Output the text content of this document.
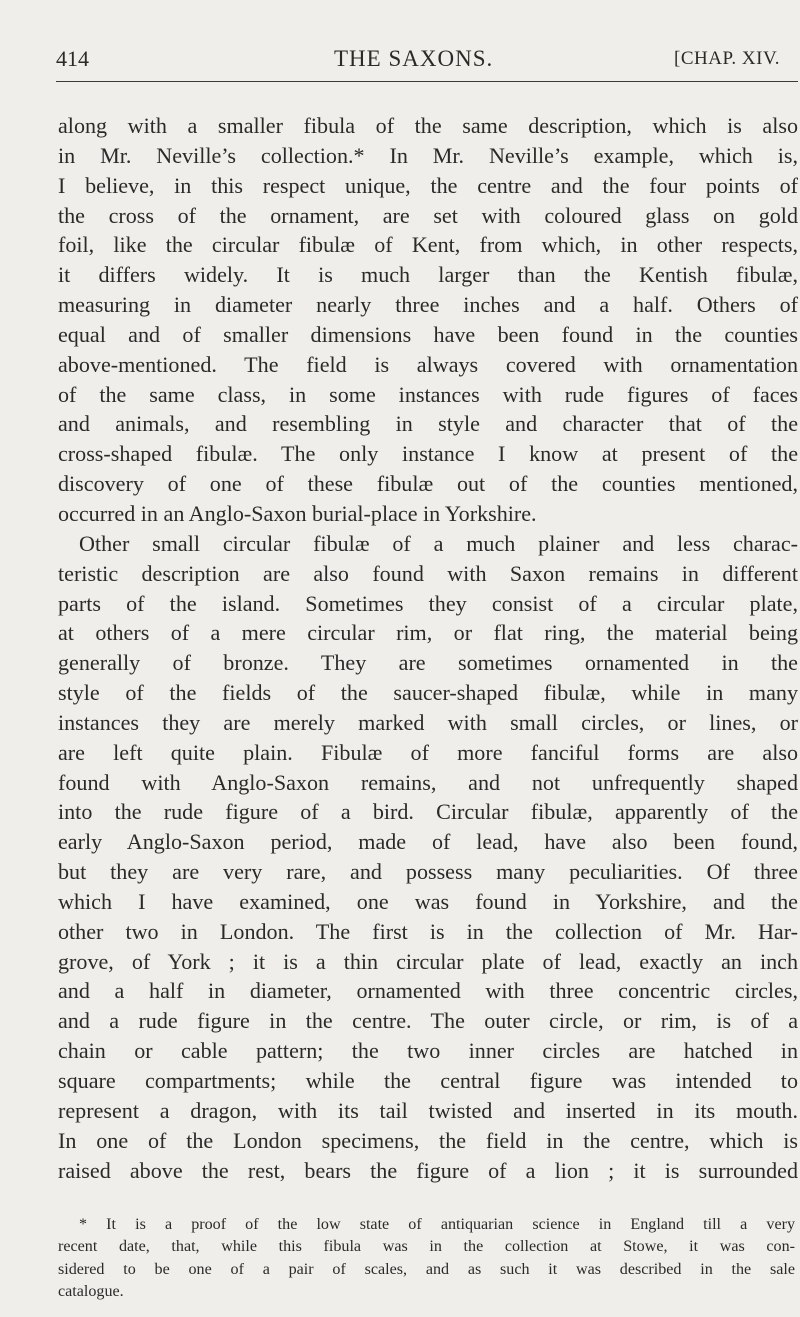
414	THE SAXONS.	[CHAP. XIV.
along with a smaller fibula of the same description, which is also
in Mr. Neville’s collection.* In Mr. Neville’s example, which is,
I believe, in this respect unique, the centre and the four points of
the cross of the ornament, are set with coloured glass on gold
foil, like the circular fibulæ of Kent, from which, in other respects,
it differs widely. It is much larger than the Kentish fibulæ,
measuring in diameter nearly three inches and a half. Others of
equal and of smaller dimensions have been found in the counties
above-mentioned. The field is always covered with ornamentation
of the same class, in some instances with rude figures of faces
and animals, and resembling in style and character that of the
cross-shaped fibulæ. The only instance I know at present of the
discovery of one of these fibulæ out of the counties mentioned,
occurred in an Anglo-Saxon burial-place in Yorkshire.
Other small circular fibulæ of a much plainer and less charac-
teristic description are also found with Saxon remains in different
parts of the island. Sometimes they consist of a circular plate,
at others of a mere circular rim, or flat ring, the material being
generally of bronze. They are sometimes ornamented in the
style of the fields of the saucer-shaped fibulæ, while in many
instances they are merely marked with small circles, or lines, or
are left quite plain. Fibulæ of more fanciful forms are also
found with Anglo-Saxon remains, and not unfrequently shaped
into the rude figure of a bird. Circular fibulæ, apparently of the
early Anglo-Saxon period, made of lead, have also been found,
but they are very rare, and possess many peculiarities. Of three
which I have examined, one was found in Yorkshire, and the
other two in London. The first is in the collection of Mr. Har-
grove, of York ; it is a thin circular plate of lead, exactly an inch
and a half in diameter, ornamented with three concentric circles,
and a rude figure in the centre. The outer circle, or rim, is of a
chain or cable pattern; the two inner circles are hatched in
square compartments; while the central figure was intended to
represent a dragon, with its tail twisted and inserted in its mouth.
In one of the London specimens, the field in the centre, which is
raised above the rest, bears the figure of a lion ; it is surrounded
* It is a proof of the low state of antiquarian science in England till a very
recent date, that, while this fibula was in the collection at Stowe, it was con-
sidered to be one of a pair of scales, and as such it was described in the sale
catalogue.
